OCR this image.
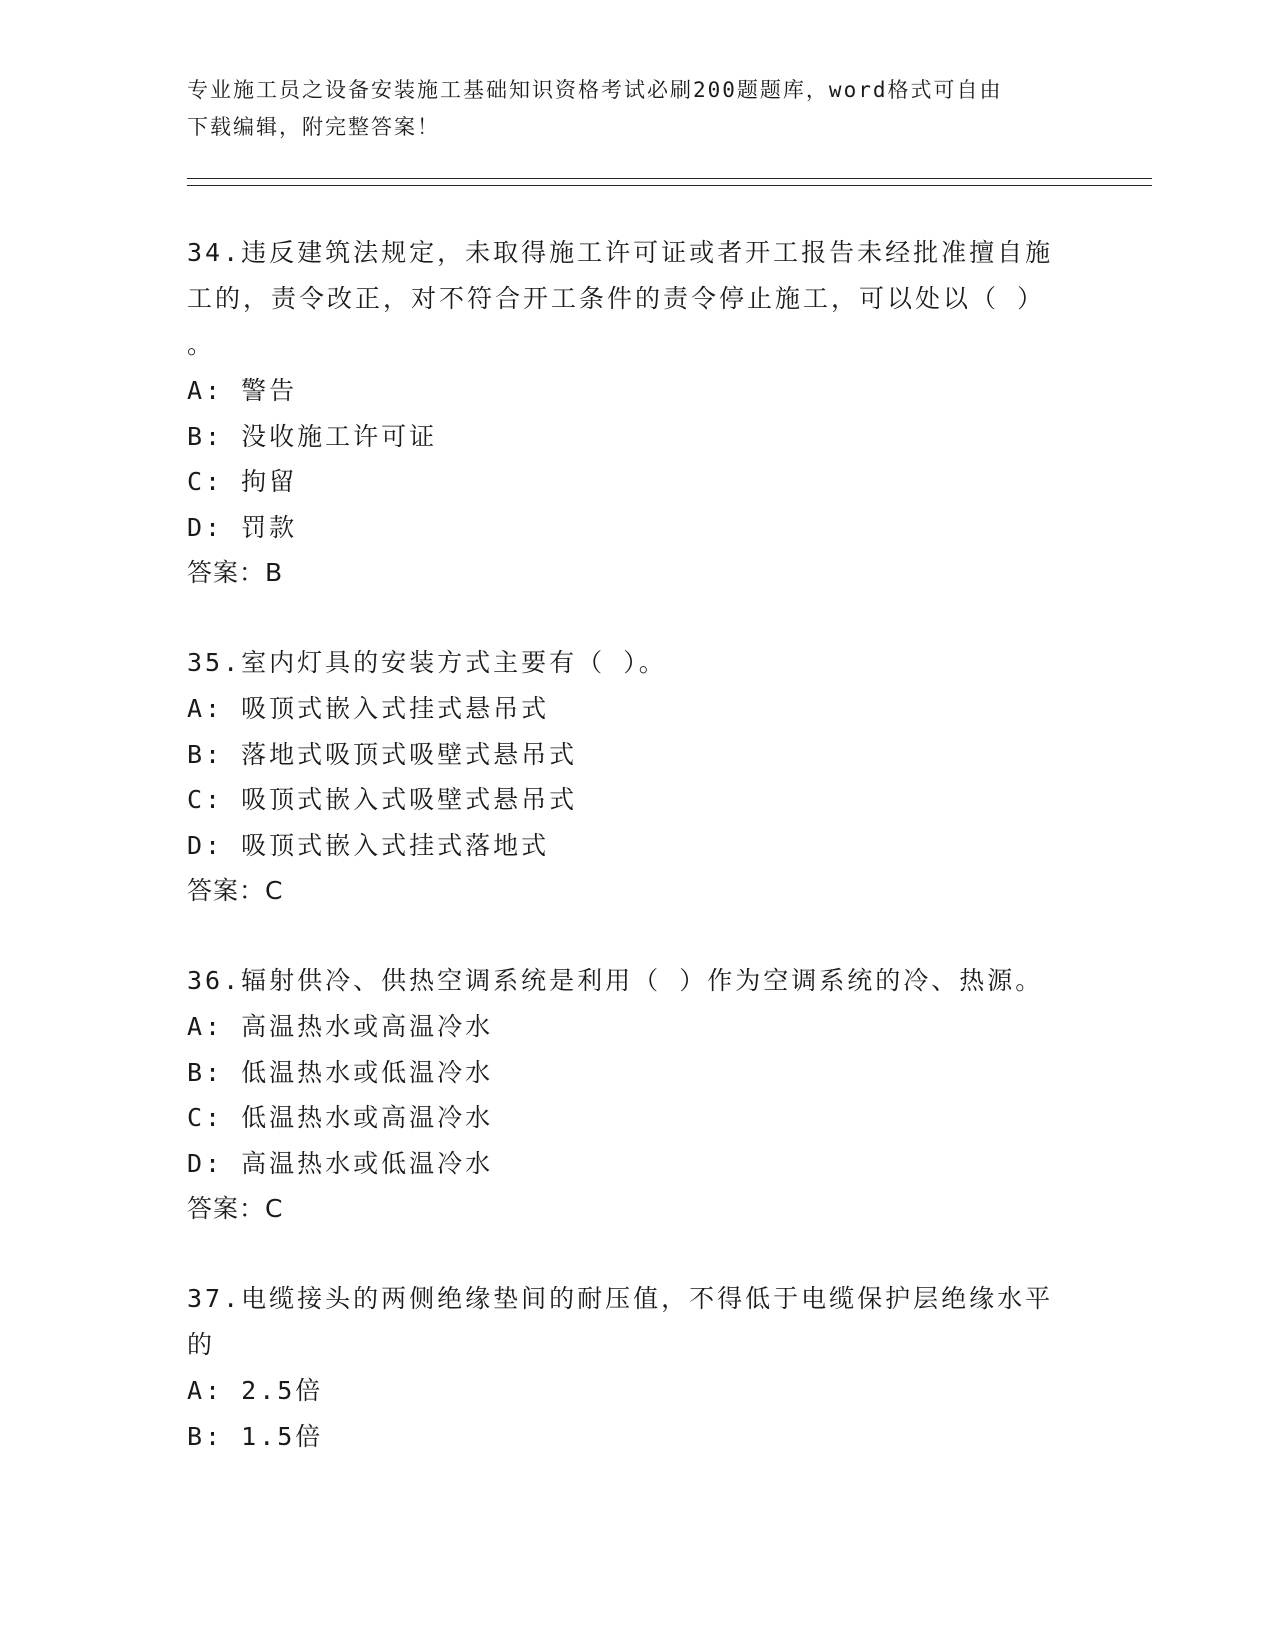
专业施工员之设备安装施工基础知识资格考试必刷200题题库，word格式可自由
下载编辑，附完整答案！

34.违反建筑法规定，未取得施工许可证或者开工报告未经批准擅自施

工的，责令改正，对不符合开工条件的责令停止施工，可以处以（ ）

。

A: 警告

B: 没收施工许可证

C: 拘留

D: 罚款

答案：B

35.室内灯具的安装方式主要有（ ）。

A: 吸顶式嵌入式挂式悬吊式

B: 落地式吸顶式吸壁式悬吊式

C: 吸顶式嵌入式吸壁式悬吊式

D: 吸顶式嵌入式挂式落地式

答案：C

36.辐射供冷、供热空调系统是利用（ ）作为空调系统的冷、热源。

A: 高温热水或高温冷水

B: 低温热水或低温冷水

C: 低温热水或高温冷水

D: 高温热水或低温冷水

答案：C

37.电缆接头的两侧绝缘垫间的耐压值，不得低于电缆保护层绝缘水平

的

A: 2.5倍

B: 1.5倍
